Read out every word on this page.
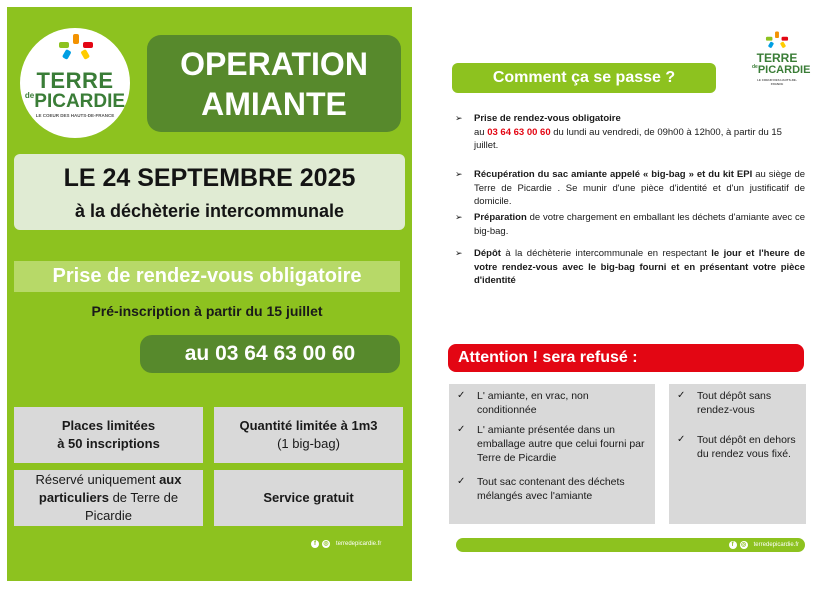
TERRE
$^{de}$PICARDIE
LE COEUR DES HAUTS-DE-FRANCE
OPERATION
AMIANTE
LE 24 SEPTEMBRE 2025
à la déchèterie intercommunale
Prise de rendez-vous obligatoire
Pré-inscription à partir du 15 juillet
au 03 64 63 00 60
Places limitées
à 50 inscriptions
Quantité limitée à 1m3
(1 big-bag)
Réservé uniquement aux
particuliers de Terre de Picardie
Service gratuit
f	◎ terredepicardie.fr
TERRE
$^{de}$PICARDIE
LE COEUR DES HAUTS-DE-FRANCE
Comment ça se passe ?
➢ Prise de rendez-vous obligatoire
au 03 64 63 00 60 du lundi au vendredi, de 09h00 à 12h00, à partir du 15 juillet.
➢ Récupération du sac amiante appelé « big-bag » et du kit EPI au siège de Terre de Picardie . Se munir d'une pièce d'identité et d'un justificatif de domicile.
➢ Préparation de votre chargement en emballant les déchets d'amiante avec ce big-bag.
➢ Dépôt à la déchèterie intercommunale en respectant le jour et l'heure de votre rendez-vous avec le big-bag fourni et en présentant votre pièce d'identité
Attention ! sera refusé :
✓ L' amiante, en vrac, non conditionnée
✓ L' amiante présentée dans un emballage autre que celui fourni par Terre de Picardie
✓ Tout sac contenant des déchets mélangés avec l'amiante
✓ Tout dépôt sans rendez-vous
✓ Tout dépôt en dehors du rendez vous fixé.
f	◎ terredepicardie.fr
